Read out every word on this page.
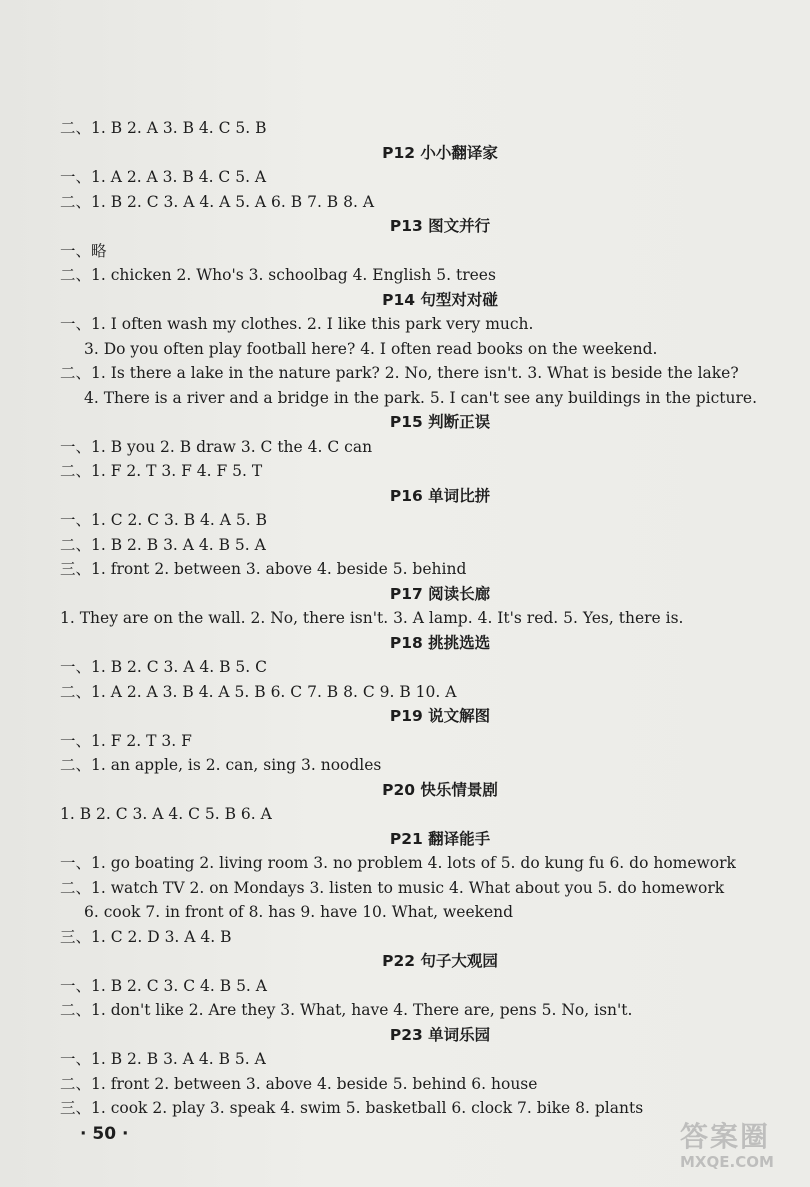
二、1. B 2. A 3. B 4. C 5. B
P12 小小翻译家
一、1. A 2. A 3. B 4. C 5. A
二、1. B 2. C 3. A 4. A 5. A 6. B 7. B 8. A
P13 图文并行
一、略
二、1. chicken 2. Who's 3. schoolbag 4. English 5. trees
P14 句型对对碰
一、1. I often wash my clothes. 2. I like this park very much.
3. Do you often play football here? 4. I often read books on the weekend.
二、1. Is there a lake in the nature park? 2. No, there isn't. 3. What is beside the lake?
4. There is a river and a bridge in the park. 5. I can't see any buildings in the picture.
P15 判断正误
一、1. B you 2. B draw 3. C the 4. C can
二、1. F 2. T 3. F 4. F 5. T
P16 单词比拼
一、1. C 2. C 3. B 4. A 5. B
二、1. B 2. B 3. A 4. B 5. A
三、1. front 2. between 3. above 4. beside 5. behind
P17 阅读长廊
1. They are on the wall. 2. No, there isn't. 3. A lamp. 4. It's red. 5. Yes, there is.
P18 挑挑选选
一、1. B 2. C 3. A 4. B 5. C
二、1. A 2. A 3. B 4. A 5. B 6. C 7. B 8. C 9. B 10. A
P19 说文解图
一、1. F 2. T 3. F
二、1. an apple, is 2. can, sing 3. noodles
P20 快乐情景剧
1. B 2. C 3. A 4. C 5. B 6. A
P21 翻译能手
一、1. go boating 2. living room 3. no problem 4. lots of 5. do kung fu 6. do homework
二、1. watch TV 2. on Mondays 3. listen to music 4. What about you 5. do homework
6. cook 7. in front of 8. has 9. have 10. What, weekend
三、1. C 2. D 3. A 4. B
P22 句子大观园
一、1. B 2. C 3. C 4. B 5. A
二、1. don't like 2. Are they 3. What, have 4. There are, pens 5. No, isn't.
P23 单词乐园
一、1. B 2. B 3. A 4. B 5. A
二、1. front 2. between 3. above 4. beside 5. behind 6. house
三、1. cook 2. play 3. speak 4. swim 5. basketball 6. clock 7. bike 8. plants
· 50 ·	答案圈
MXQE.COM
